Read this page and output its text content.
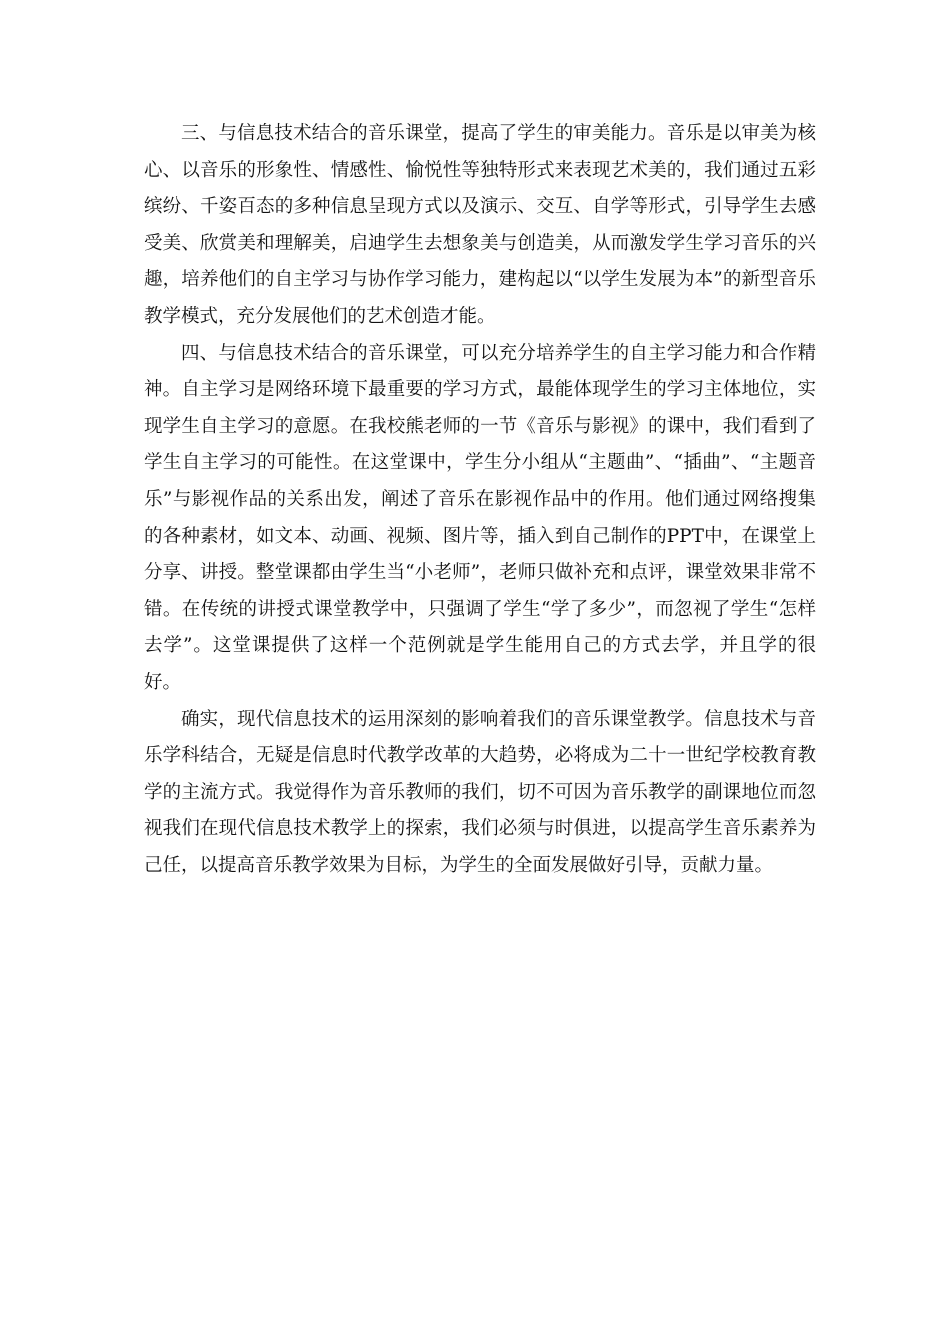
三、与信息技术结合的音乐课堂，提高了学生的审美能力。音乐是以审美为核心、以音乐的形象性、情感性、愉悦性等独特形式来表现艺术美的，我们通过五彩缤纷、千姿百态的多种信息呈现方式以及演示、交互、自学等形式，引导学生去感受美、欣赏美和理解美，启迪学生去想象美与创造美，从而激发学生学习音乐的兴趣，培养他们的自主学习与协作学习能力，建构起以“以学生发展为本”的新型音乐教学模式，充分发展他们的艺术创造才能。

四、与信息技术结合的音乐课堂，可以充分培养学生的自主学习能力和合作精神。自主学习是网络环境下最重要的学习方式，最能体现学生的学习主体地位，实现学生自主学习的意愿。在我校熊老师的一节《音乐与影视》的课中，我们看到了学生自主学习的可能性。在这堂课中，学生分小组从“主题曲”、“插曲”、“主题音乐”与影视作品的关系出发，阐述了音乐在影视作品中的作用。他们通过网络搜集的各种素材，如文本、动画、视频、图片等，插入到自己制作的PPT中，在课堂上分享、讲授。整堂课都由学生当“小老师”，老师只做补充和点评，课堂效果非常不错。在传统的讲授式课堂教学中，只强调了学生“学了多少”，而忽视了学生“怎样去学”。这堂课提供了这样一个范例就是学生能用自己的方式去学，并且学的很好。

确实，现代信息技术的运用深刻的影响着我们的音乐课堂教学。信息技术与音乐学科结合，无疑是信息时代教学改革的大趋势，必将成为二十一世纪学校教育教学的主流方式。我觉得作为音乐教师的我们，切不可因为音乐教学的副课地位而忽视我们在现代信息技术教学上的探索，我们必须与时俱进，以提高学生音乐素养为己任，以提高音乐教学效果为目标，为学生的全面发展做好引导，贡献力量。
